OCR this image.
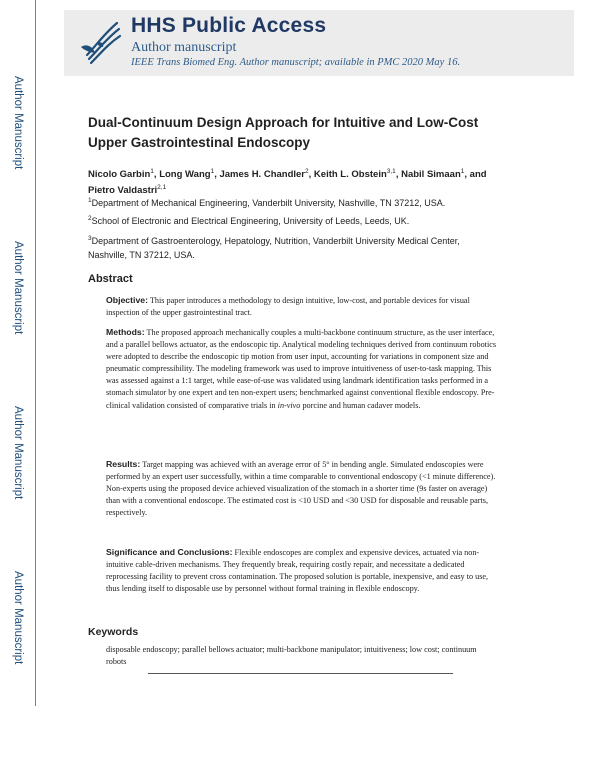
Author Manuscript
Author Manuscript
Author Manuscript
Author Manuscript
HHS Public Access
Author manuscript
IEEE Trans Biomed Eng. Author manuscript; available in PMC 2020 May 16.
Dual-Continuum Design Approach for Intuitive and Low-Cost
Upper Gastrointestinal Endoscopy
Nicolo Garbin$^1$, Long Wang$^1$, James H. Chandler$^2$, Keith L. Obstein$^{3,1}$, Nabil Simaan$^1$, and Pietro Valdastri$^{2,1}$
$^1$Department of Mechanical Engineering, Vanderbilt University, Nashville, TN 37212, USA.
$^2$School of Electronic and Electrical Engineering, University of Leeds, Leeds, UK.
$^3$Department of Gastroenterology, Hepatology, Nutrition, Vanderbilt University Medical Center, Nashville, TN 37212, USA.
Abstract
Objective: This paper introduces a methodology to design intuitive, low-cost, and portable devices for visual inspection of the upper gastrointestinal tract.
Methods: The proposed approach mechanically couples a multi-backbone continuum structure, as the user interface, and a parallel bellows actuator, as the endoscopic tip. Analytical modeling techniques derived from continuum robotics were adopted to describe the endoscopic tip motion from user input, accounting for variations in component size and pneumatic compressibility. The modeling framework was used to improve intuitiveness of user-to-task mapping. This was assessed against a 1:1 target, while ease-of-use was validated using landmark identification tasks performed in a stomach simulator by one expert and ten non-expert users; benchmarked against conventional flexible endoscopy. Pre-clinical validation consisted of comparative trials in in-vivo porcine and human cadaver models.
Results: Target mapping was achieved with an average error of 5° in bending angle. Simulated endoscopies were performed by an expert user successfully, within a time comparable to conventional endoscopy (<1 minute difference). Non-experts using the proposed device achieved visualization of the stomach in a shorter time (9s faster on average) than with a conventional endoscope. The estimated cost is <10 USD and <30 USD for disposable and reusable parts, respectively.
Significance and Conclusions: Flexible endoscopes are complex and expensive devices, actuated via non-intuitive cable-driven mechanisms. They frequently break, requiring costly repair, and necessitate a dedicated reprocessing facility to prevent cross contamination. The proposed solution is portable, inexpensive, and easy to use, thus lending itself to disposable use by personnel without formal training in flexible endoscopy.
Keywords
disposable endoscopy; parallel bellows actuator; multi-backbone manipulator; intuitiveness; low cost; continuum robots
